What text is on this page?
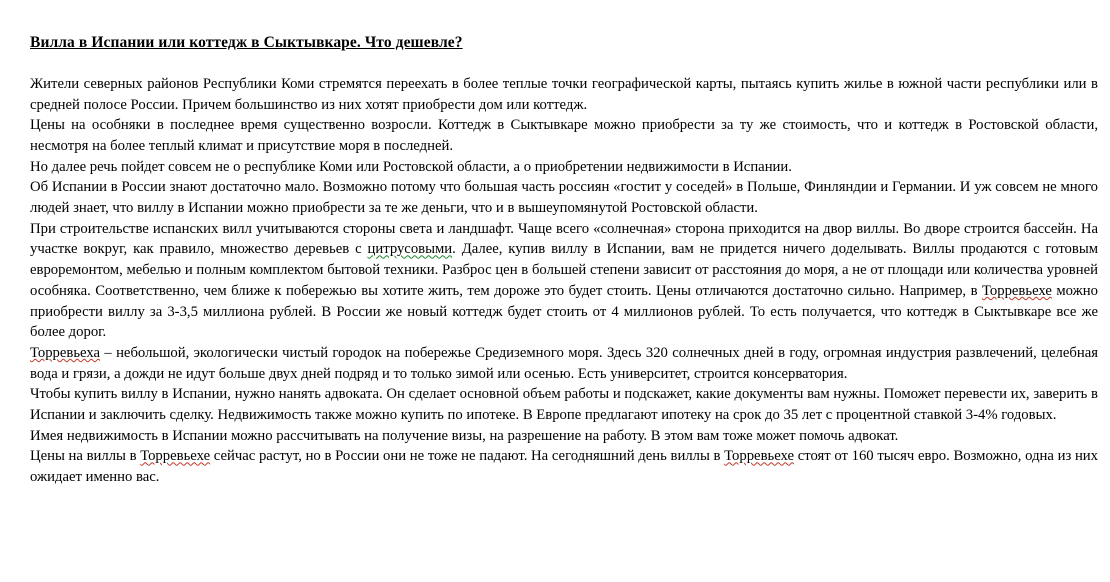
Вилла в Испании или коттедж в Сыктывкаре. Что дешевле?

Жители северных районов Республики Коми стремятся переехать в более теплые точки географической карты, пытаясь купить жилье в южной части республики или в средней полосе России. Причем большинство из них хотят приобрести дом или коттедж.

Цены на особняки в последнее время существенно возросли. Коттедж в Сыктывкаре можно приобрести за ту же стоимость, что и коттедж в Ростовской области, несмотря на более теплый климат и присутствие моря в последней.

Но далее речь пойдет совсем не о республике Коми или Ростовской области, а о приобретении недвижимости в Испании.

Об Испании в России знают достаточно мало. Возможно потому что большая часть россиян «гостит у соседей» в Польше, Финляндии и Германии. И уж совсем не много людей знает, что виллу в Испании можно приобрести за те же деньги, что и в вышеупомянутой Ростовской области.

При строительстве испанских вилл учитываются стороны света и ландшафт. Чаще всего «солнечная» сторона приходится на двор виллы. Во дворе строится бассейн. На участке вокруг, как правило, множество деревьев с цитрусовыми. Далее, купив виллу в Испании, вам не придется ничего доделывать. Виллы продаются с готовым евроремонтом, мебелью и полным комплектом бытовой техники. Разброс цен в большей степени зависит от расстояния до моря, а не от площади или количества уровней особняка. Соответственно, чем ближе к побережью вы хотите жить, тем дороже это будет стоить. Цены отличаются достаточно сильно. Например, в Торревьехе можно приобрести виллу за 3-3,5 миллиона рублей. В России же новый коттедж будет стоить от 4 миллионов рублей. То есть получается, что коттедж в Сыктывкаре все же более дорог.

Торревьеха – небольшой, экологически чистый городок на побережье Средиземного моря. Здесь 320 солнечных дней в году, огромная индустрия развлечений, целебная вода и грязи, а дожди не идут больше двух дней подряд и то только зимой или осенью. Есть университет, строится консерватория.

Чтобы купить виллу в Испании, нужно нанять адвоката. Он сделает основной объем работы и подскажет, какие документы вам нужны. Поможет перевести их, заверить в Испании и заключить сделку. Недвижимость также можно купить по ипотеке. В Европе предлагают ипотеку на срок до 35 лет с процентной ставкой 3-4% годовых.

Имея недвижимость в Испании можно рассчитывать на получение визы, на разрешение на работу. В этом вам тоже может помочь адвокат.

Цены на виллы в Торревьехе сейчас растут, но в России они не тоже не падают. На сегодняшний день виллы в Торревьехе стоят от 160 тысяч евро. Возможно, одна из них ожидает именно вас.
